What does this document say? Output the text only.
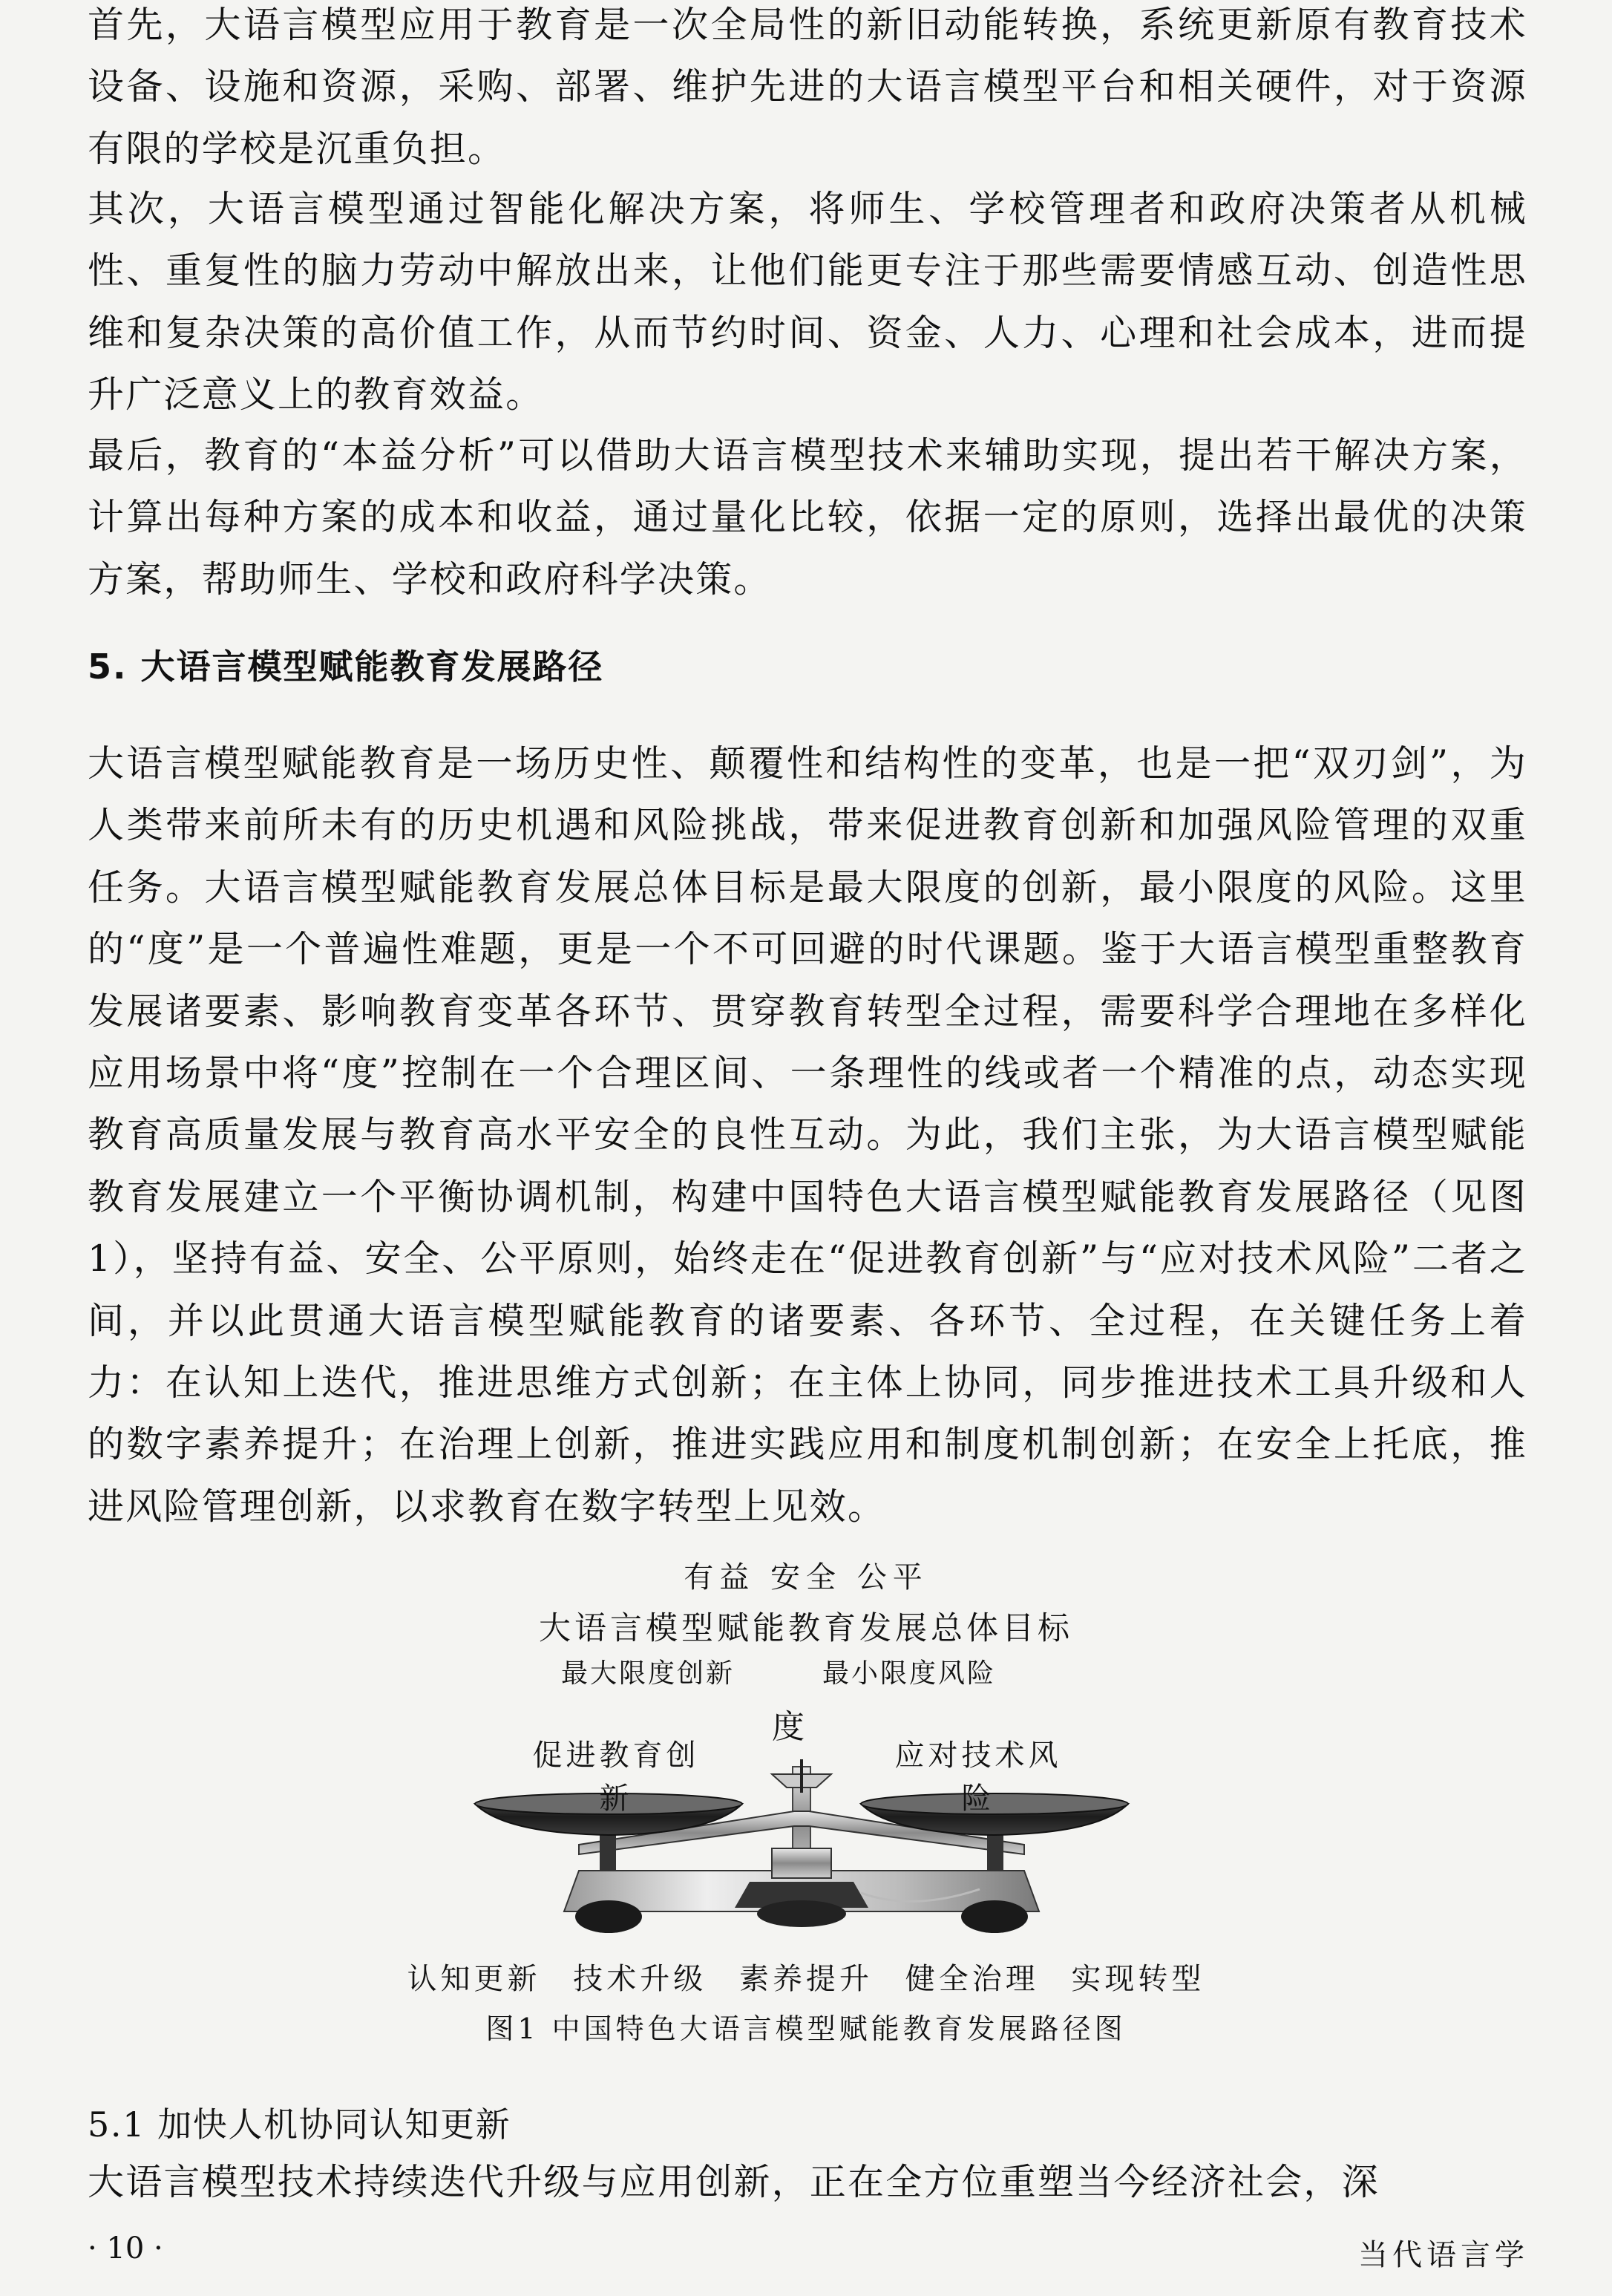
首先，大语言模型应用于教育是一次全局性的新旧动能转换，系统更新原有教育技术设备、设施和资源，采购、部署、维护先进的大语言模型平台和相关硬件，对于资源有限的学校是沉重负担。

其次，大语言模型通过智能化解决方案，将师生、学校管理者和政府决策者从机械性、重复性的脑力劳动中解放出来，让他们能更专注于那些需要情感互动、创造性思维和复杂决策的高价值工作，从而节约时间、资金、人力、心理和社会成本，进而提升广泛意义上的教育效益。

最后，教育的“本益分析”可以借助大语言模型技术来辅助实现，提出若干解决方案，计算出每种方案的成本和收益，通过量化比较，依据一定的原则，选择出最优的决策方案，帮助师生、学校和政府科学决策。

5. 大语言模型赋能教育发展路径

大语言模型赋能教育是一场历史性、颠覆性和结构性的变革，也是一把“双刃剑”，为人类带来前所未有的历史机遇和风险挑战，带来促进教育创新和加强风险管理的双重任务。大语言模型赋能教育发展总体目标是最大限度的创新，最小限度的风险。这里的“度”是一个普遍性难题，更是一个不可回避的时代课题。鉴于大语言模型重整教育发展诸要素、影响教育变革各环节、贯穿教育转型全过程，需要科学合理地在多样化应用场景中将“度”控制在一个合理区间、一条理性的线或者一个精准的点，动态实现教育高质量发展与教育高水平安全的良性互动。为此，我们主张，为大语言模型赋能教育发展建立一个平衡协调机制，构建中国特色大语言模型赋能教育发展路径（见图1），坚持有益、安全、公平原则，始终走在“促进教育创新”与“应对技术风险”二者之间，并以此贯通大语言模型赋能教育的诸要素、各环节、全过程，在关键任务上着力：在认知上迭代，推进思维方式创新；在主体上协同，同步推进技术工具升级和人的数字素养提升；在治理上创新，推进实践应用和制度机制创新；在安全上托底，推进风险管理创新，以求教育在数字转型上见效。

有益 安全 公平
大语言模型赋能教育发展总体目标
最大限度创新	最小限度风险
度
促进教育创新
应对技术风险
认知更新 技术升级 素养提升 健全治理 实现转型
图1 中国特色大语言模型赋能教育发展路径图
5.1 加快人机协同认知更新

大语言模型技术持续迭代升级与应用创新，正在全方位重塑当今经济社会，深

· 10 ·	当代语言学
